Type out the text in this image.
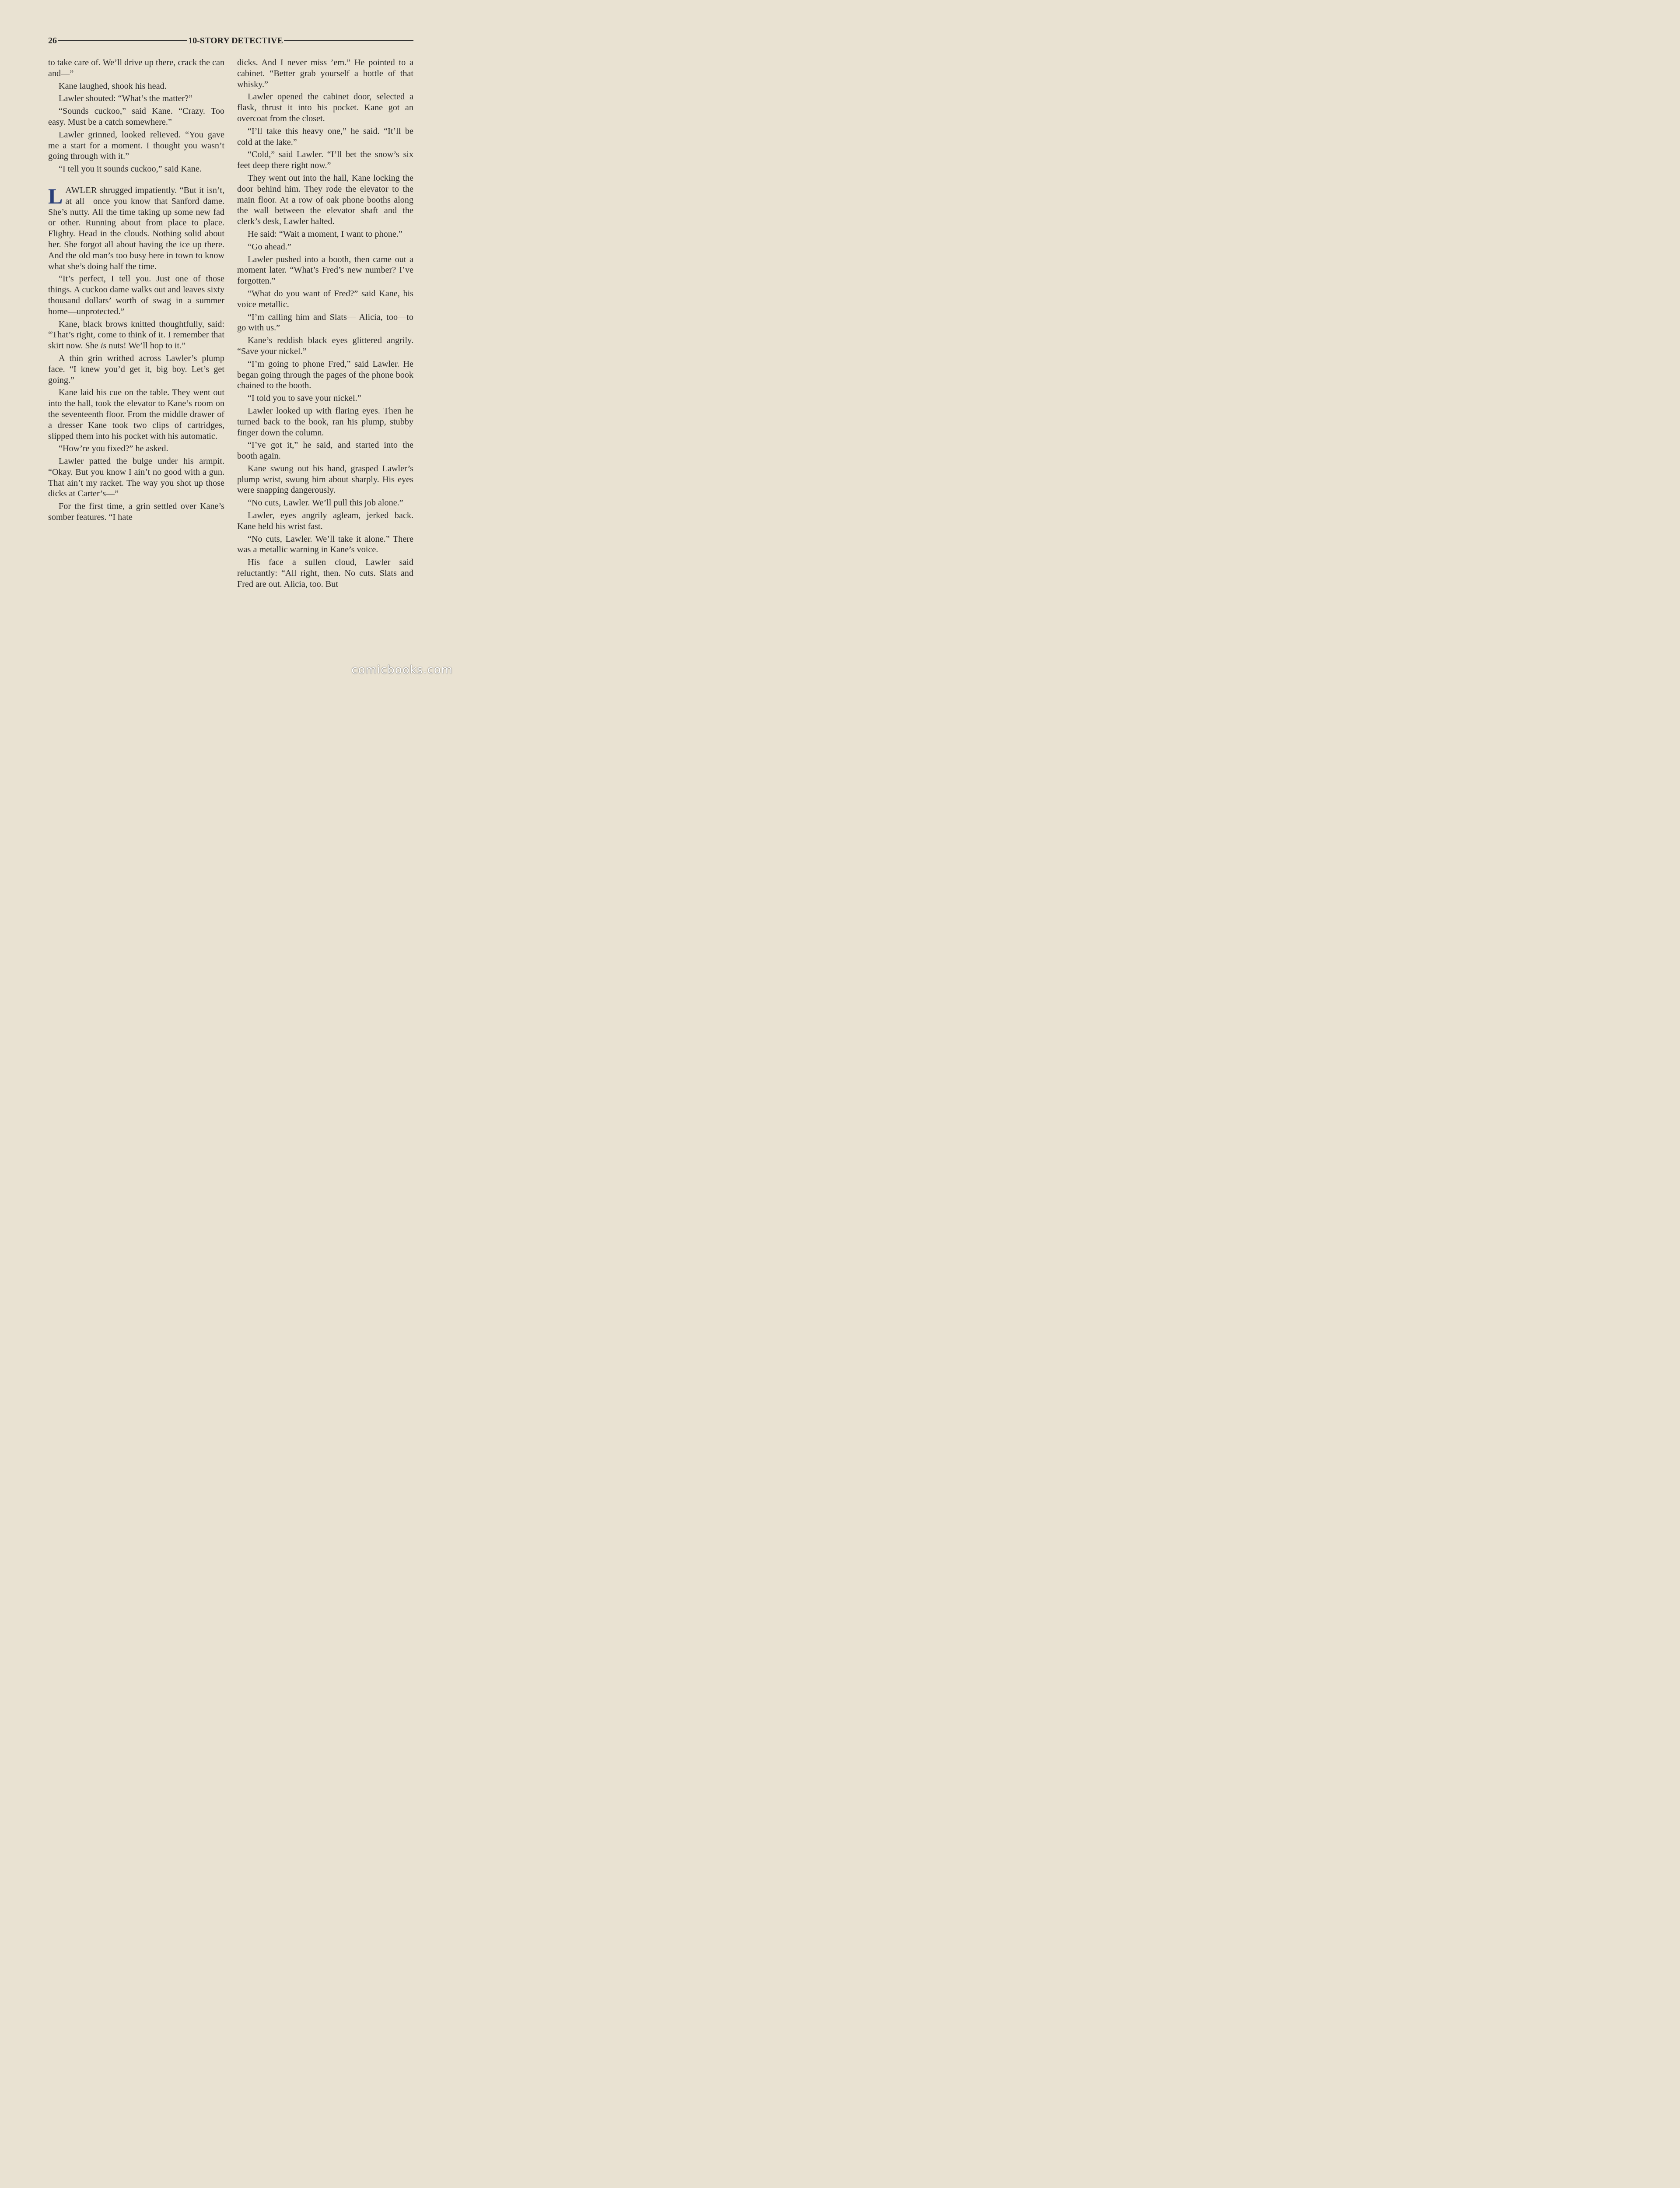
26	10-STORY DETECTIVE

to take care of. We’ll drive up there, crack the can and—”

Kane laughed, shook his head.

Lawler shouted: “What’s the matter?”

“Sounds cuckoo,” said Kane. “Crazy. Too easy. Must be a catch somewhere.”

Lawler grinned, looked relieved. “You gave me a start for a moment. I thought you wasn’t going through with it.”

“I tell you it sounds cuckoo,” said Kane.

LAWLER shrugged impatiently. “But it isn’t, at all—once you know that Sanford dame. She’s nutty. All the time taking up some new fad or other. Running about from place to place. Flighty. Head in the clouds. Nothing solid about her. She forgot all about having the ice up there. And the old man’s too busy here in town to know what she’s doing half the time.

“It’s perfect, I tell you. Just one of those things. A cuckoo dame walks out and leaves sixty thousand dollars’ worth of swag in a summer home—unprotected.”

Kane, black brows knitted thoughtfully, said: “That’s right, come to think of it. I remember that skirt now. She is nuts! We’ll hop to it.”

A thin grin writhed across Lawler’s plump face. “I knew you’d get it, big boy. Let’s get going.”

Kane laid his cue on the table. They went out into the hall, took the elevator to Kane’s room on the seventeenth floor. From the middle drawer of a dresser Kane took two clips of cartridges, slipped them into his pocket with his automatic.

“How’re you fixed?” he asked.

Lawler patted the bulge under his armpit. “Okay. But you know I ain’t no good with a gun. That ain’t my racket. The way you shot up those dicks at Carter’s—”

For the first time, a grin settled over Kane’s somber features. “I hate

dicks. And I never miss ’em.” He pointed to a cabinet. “Better grab yourself a bottle of that whisky.”

Lawler opened the cabinet door, selected a flask, thrust it into his pocket. Kane got an overcoat from the closet.

“I’ll take this heavy one,” he said. “It’ll be cold at the lake.”

“Cold,” said Lawler. “I’ll bet the snow’s six feet deep there right now.”

They went out into the hall, Kane locking the door behind him. They rode the elevator to the main floor. At a row of oak phone booths along the wall between the elevator shaft and the clerk’s desk, Lawler halted.

He said: “Wait a moment, I want to phone.”

“Go ahead.”

Lawler pushed into a booth, then came out a moment later. “What’s Fred’s new number? I’ve forgotten.”

“What do you want of Fred?” said Kane, his voice metallic.

“I’m calling him and Slats— Alicia, too—to go with us.”

Kane’s reddish black eyes glittered angrily. “Save your nickel.”

“I’m going to phone Fred,” said Lawler. He began going through the pages of the phone book chained to the booth.

“I told you to save your nickel.”

Lawler looked up with flaring eyes. Then he turned back to the book, ran his plump, stubby finger down the column.

“I’ve got it,” he said, and started into the booth again.

Kane swung out his hand, grasped Lawler’s plump wrist, swung him about sharply. His eyes were snapping dangerously.

“No cuts, Lawler. We’ll pull this job alone.”

Lawler, eyes angrily agleam, jerked back. Kane held his wrist fast.

“No cuts, Lawler. We’ll take it alone.” There was a metallic warning in Kane’s voice.

His face a sullen cloud, Lawler said reluctantly: “All right, then. No cuts. Slats and Fred are out. Alicia, too. But

comicbooks.com
